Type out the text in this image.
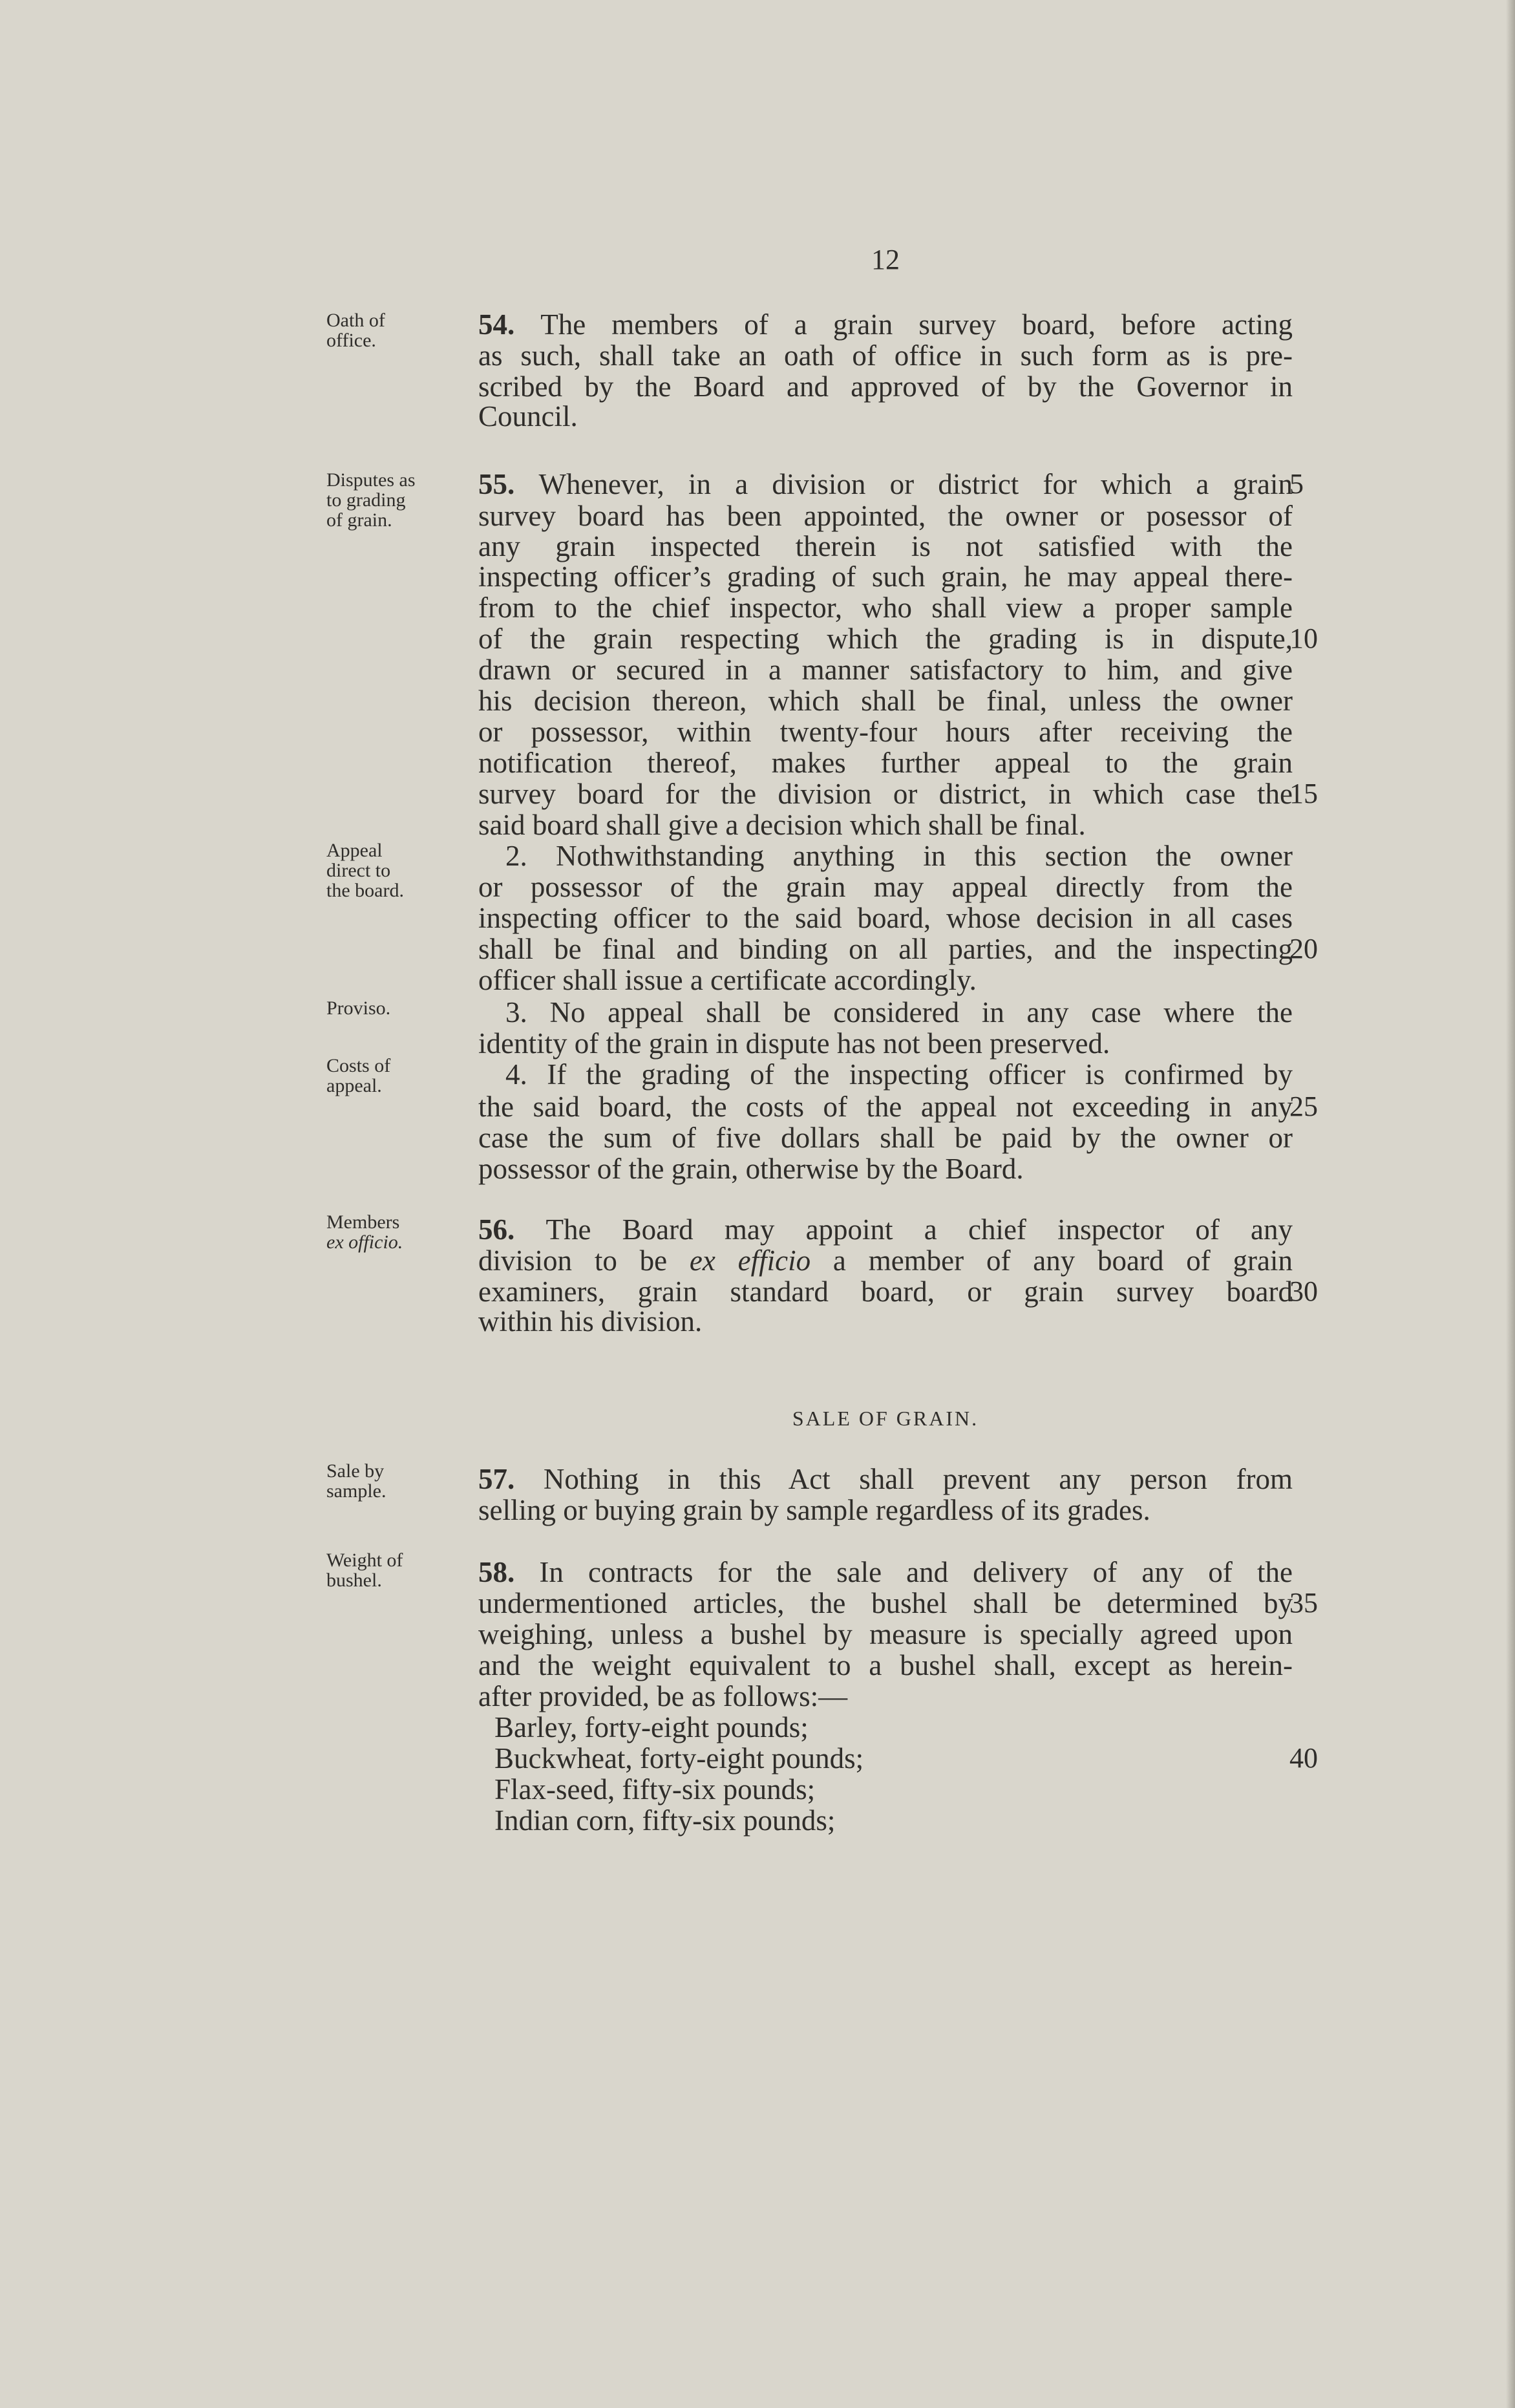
12
Oath of
office.
Disputes as
to grading
of grain.
Appeal
direct to
the board.
Proviso.
Costs of
appeal.
Members
ex officio.
Sale by
sample.
Weight of
bushel.
54. The members of a grain survey board, before acting
as such, shall take an oath of office in such form as is pre-
scribed by the Board and approved of by the Governor in
Council.
55. Whenever, in a division or district for which a grain
5
survey board has been appointed, the owner or posessor of
any grain inspected therein is not satisfied with the
inspecting officer’s grading of such grain, he may appeal there-
from to the chief inspector, who shall view a proper sample
of the grain respecting which the grading is in dispute,
10
drawn or secured in a manner satisfactory to him, and give
his decision thereon, which shall be final, unless the owner
or possessor, within twenty-four hours after receiving the
notification thereof, makes further appeal to the grain
survey board for the division or district, in which case the
15
said board shall give a decision which shall be final.
2. Nothwithstanding anything in this section the owner
or possessor of the grain may appeal directly from the
inspecting officer to the said board, whose decision in all cases
shall be final and binding on all parties, and the inspecting
20
officer shall issue a certificate accordingly.
3. No appeal shall be considered in any case where the
identity of the grain in dispute has not been preserved.
4. If the grading of the inspecting officer is confirmed by
the said board, the costs of the appeal not exceeding in any
25
case the sum of five dollars shall be paid by the owner or
possessor of the grain, otherwise by the Board.
56. The Board may appoint a chief inspector of any
division to be ex efficio a member of any board of grain
examiners, grain standard board, or grain survey board
30
within his division.
57. Nothing in this Act shall prevent any person from
selling or buying grain by sample regardless of its grades.
58. In contracts for the sale and delivery of any of the
undermentioned articles, the bushel shall be determined by
35
weighing, unless a bushel by measure is specially agreed upon
and the weight equivalent to a bushel shall, except as herein-
after provided, be as follows:—
Barley, forty-eight pounds;
Buckwheat, forty-eight pounds;	40
Flax-seed, fifty-six pounds;
Indian corn, fifty-six pounds;
SALE OF GRAIN.
